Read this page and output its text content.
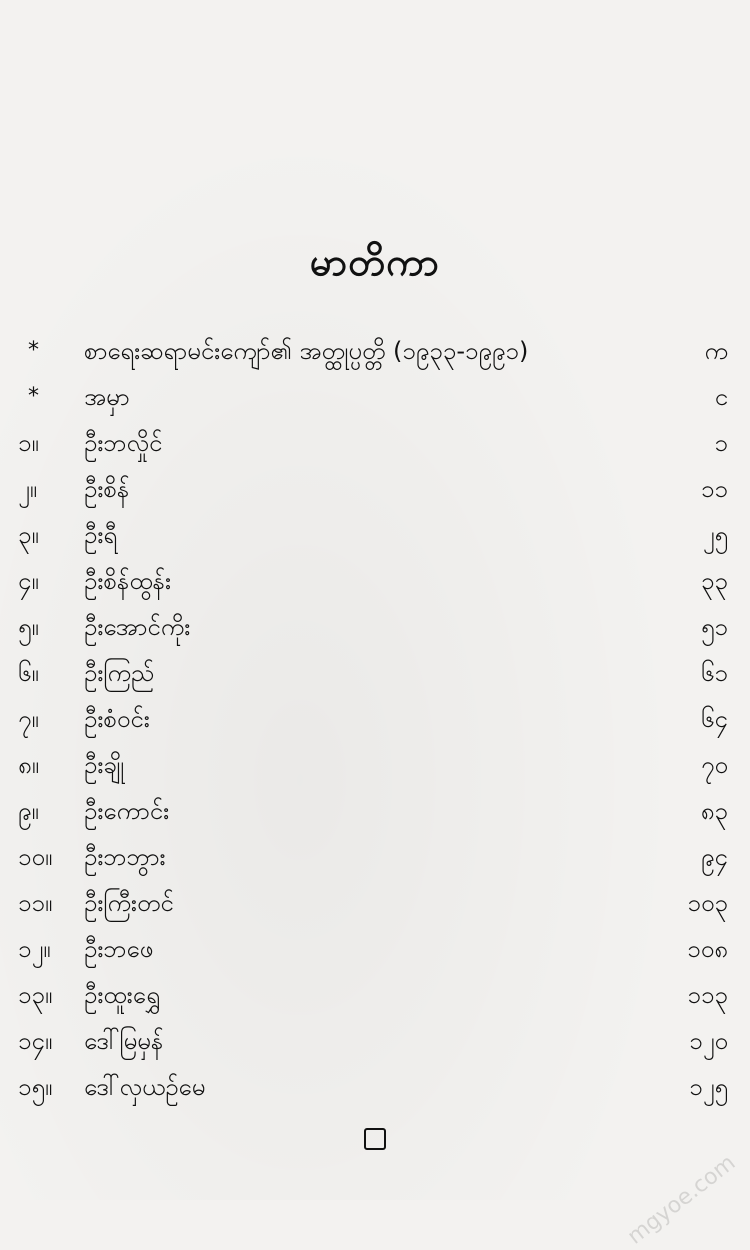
မာတိကာ
*	စာရေးဆရာမင်းကျော်၏ အတ္ထုပ္ပတ္တိ (၁၉၃၃-၁၉၉၁)	က
*	အမှာ	င
၁။	ဦးဘလှိုင်	၁
၂။	ဦးစိန်	၁၁
၃။	ဦးရီ	၂၅
၄။	ဦးစိန်ထွန်း	၃၃
၅။	ဦးအောင်ကိုး	၅၁
၆။	ဦးကြည်	၆၁
၇။	ဦးစံဝင်း	၆၄
၈။	ဦးချို	၇၀
၉။	ဦးကောင်း	၈၃
၁၀။	ဦးဘဘွား	၉၄
၁၁။	ဦးကြီးတင်	၁၀၃
၁၂။	ဦးဘဖေ	၁၀၈
၁၃။	ဦးထူးရွှေ	၁၁၃
၁၄။	ဒေါ်မြမှန်	၁၂၀
၁၅။	ဒေါ်လှယဉ်မေ	၁၂၅
mgyoe.com
